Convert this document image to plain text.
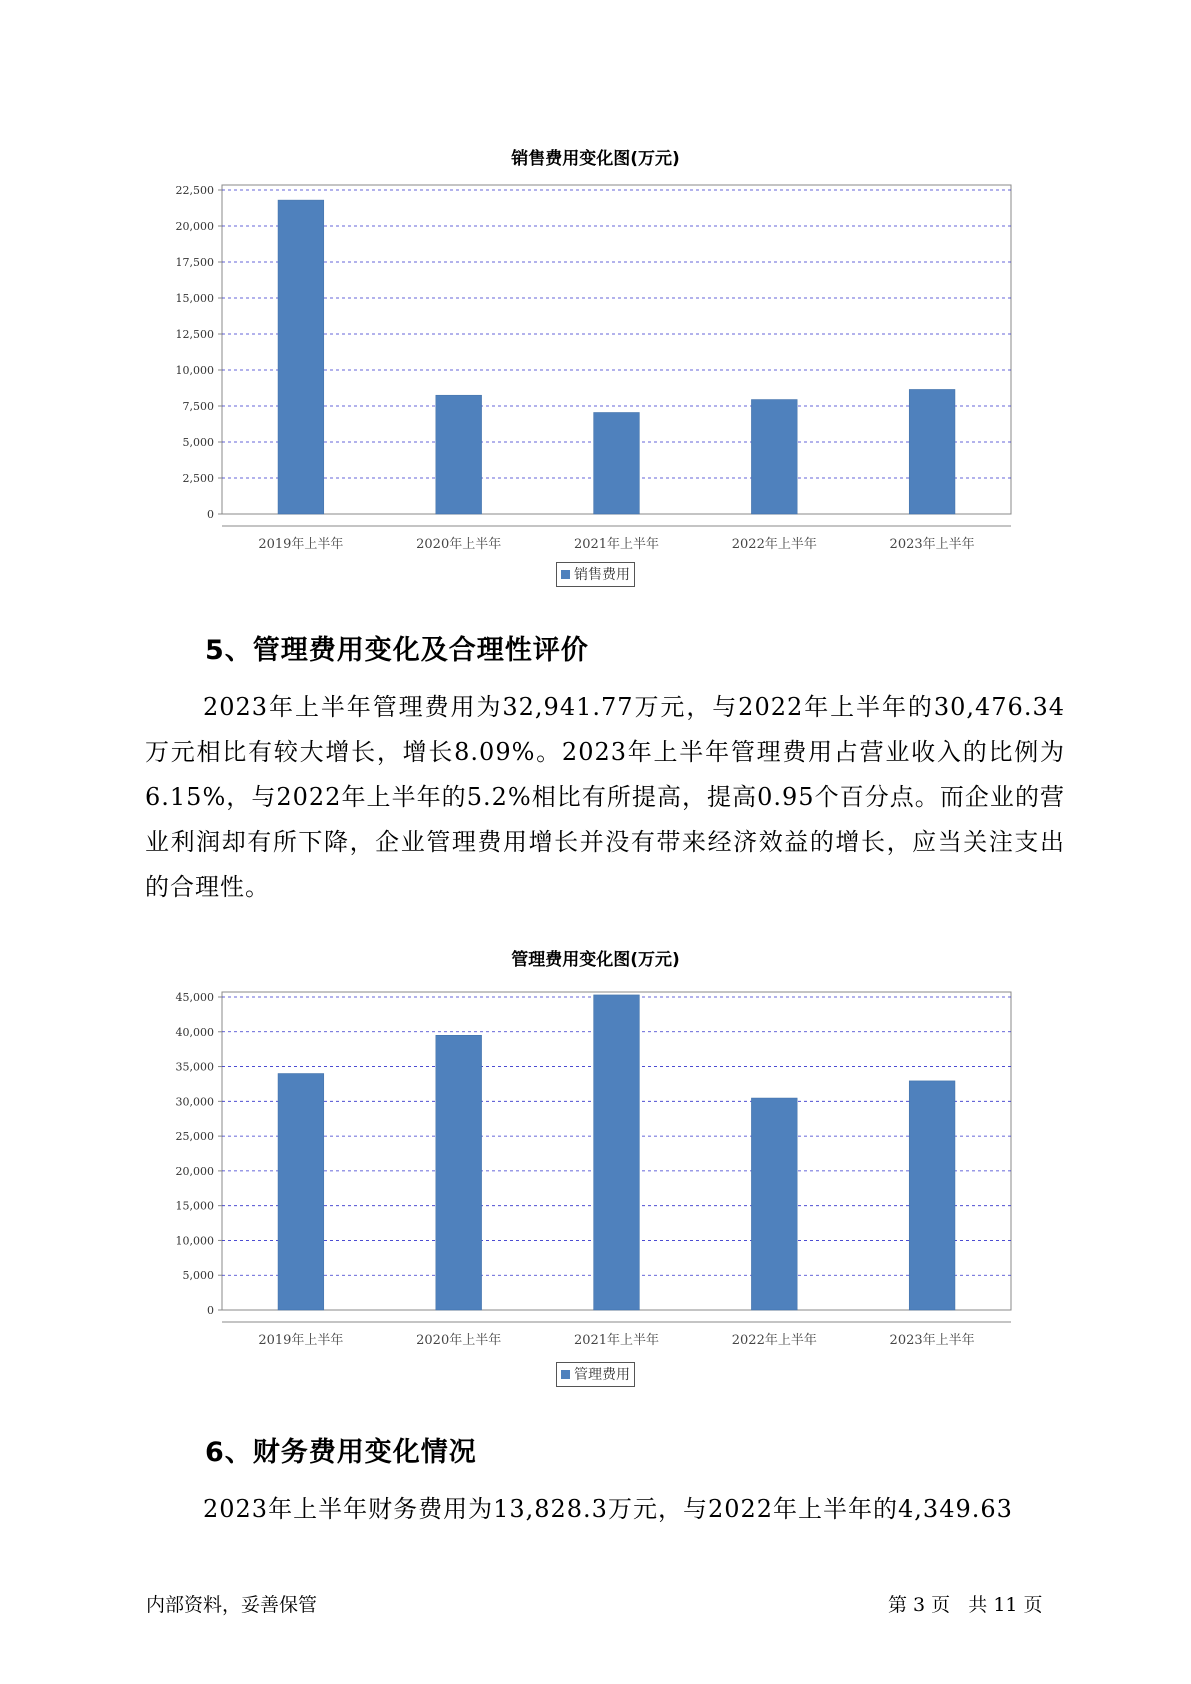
销售费用变化图(万元)
0
2,500
5,000
7,500
10,000
12,500
15,000
17,500
20,000
22,500
2019年上半年	2020年上半年	2021年上半年	2022年上半年	2023年上半年
销售费用
5、管理费用变化及合理性评价
2023年上半年管理费用为32,941.77万元，与2022年上半年的30,476.34万元相比有较大增长，增长8.09%。2023年上半年管理费用占营业收入的比例为6.15%，与2022年上半年的5.2%相比有所提高，提高0.95个百分点。而企业的营业利润却有所下降，企业管理费用增长并没有带来经济效益的增长，应当关注支出的合理性。
管理费用变化图(万元)
0
5,000
10,000
15,000
20,000
25,000
30,000
35,000
40,000
45,000
2019年上半年	2020年上半年	2021年上半年	2022年上半年	2023年上半年
管理费用
6、财务费用变化情况
2023年上半年财务费用为13,828.3万元，与2022年上半年的4,349.63
内部资料，妥善保管	第 3 页   共 11 页
